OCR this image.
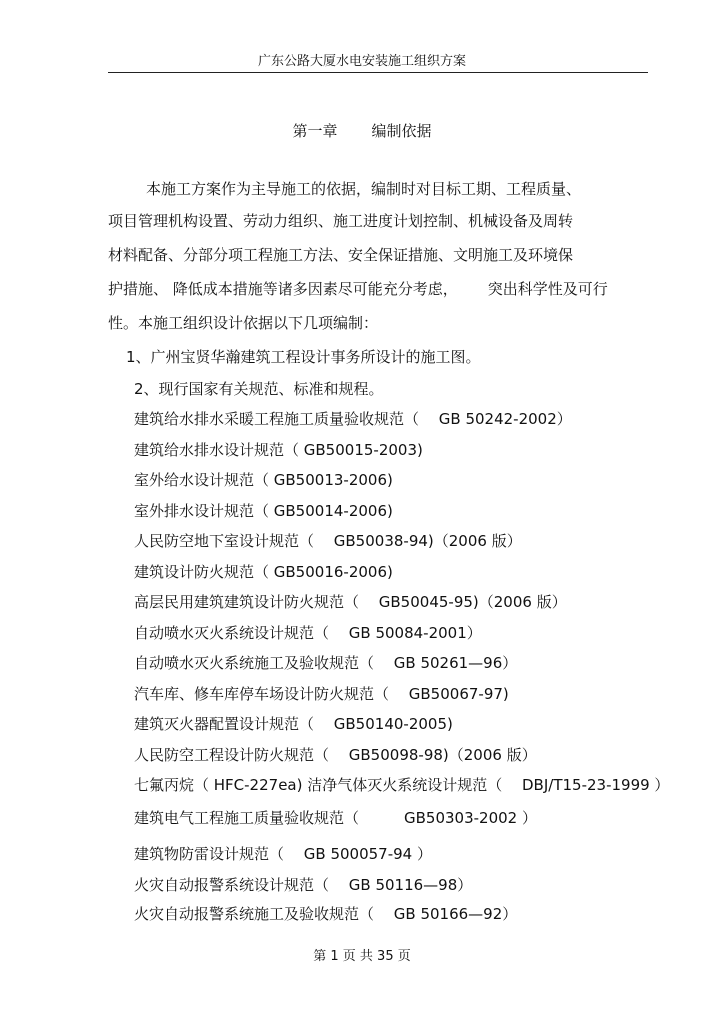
广东公路大厦水电安装施工组织方案
第一章 编制依据
本施工方案作为主导施工的依据，编制时对目标工期、工程质量、
项目管理机构设置、劳动力组织、施工进度计划控制、机械设备及周转
材料配备、分部分项工程施工方法、安全保证措施、文明施工及环境保
护措施、 降低成本措施等诸多因素尽可能充分考虑， 突出科学性及可行
性。本施工组织设计依据以下几项编制：
1、广州宝贤华瀚建筑工程设计事务所设计的施工图。
2、现行国家有关规范、标准和规程。
建筑给水排水采暖工程施工质量验收规范（　 GB 50242-2002）
建筑给水排水设计规范（ GB50015-2003)
室外给水设计规范（ GB50013-2006)
室外排水设计规范（ GB50014-2006)
人民防空地下室设计规范（　 GB50038-94)（2006 版）
建筑设计防火规范（ GB50016-2006)
高层民用建筑建筑设计防火规范（　 GB50045-95)（2006 版）
自动喷水灭火系统设计规范（　 GB 50084-2001）
自动喷水灭火系统施工及验收规范（　 GB 50261—96）
汽车库、修车库停车场设计防火规范（　 GB50067-97)
建筑灭火器配置设计规范（　 GB50140-2005)
人民防空工程设计防火规范（　 GB50098-98)（2006 版）
七氟丙烷（ HFC-227ea) 洁净气体灭火系统设计规范（　 DBJ/T15-23-1999 ）
建筑电气工程施工质量验收规范（　　　GB50303-2002 ）
建筑物防雷设计规范（　 GB 500057-94 ）
火灾自动报警系统设计规范（　 GB 50116—98）
火灾自动报警系统施工及验收规范（　 GB 50166—92）
第 1 页 共 35 页
